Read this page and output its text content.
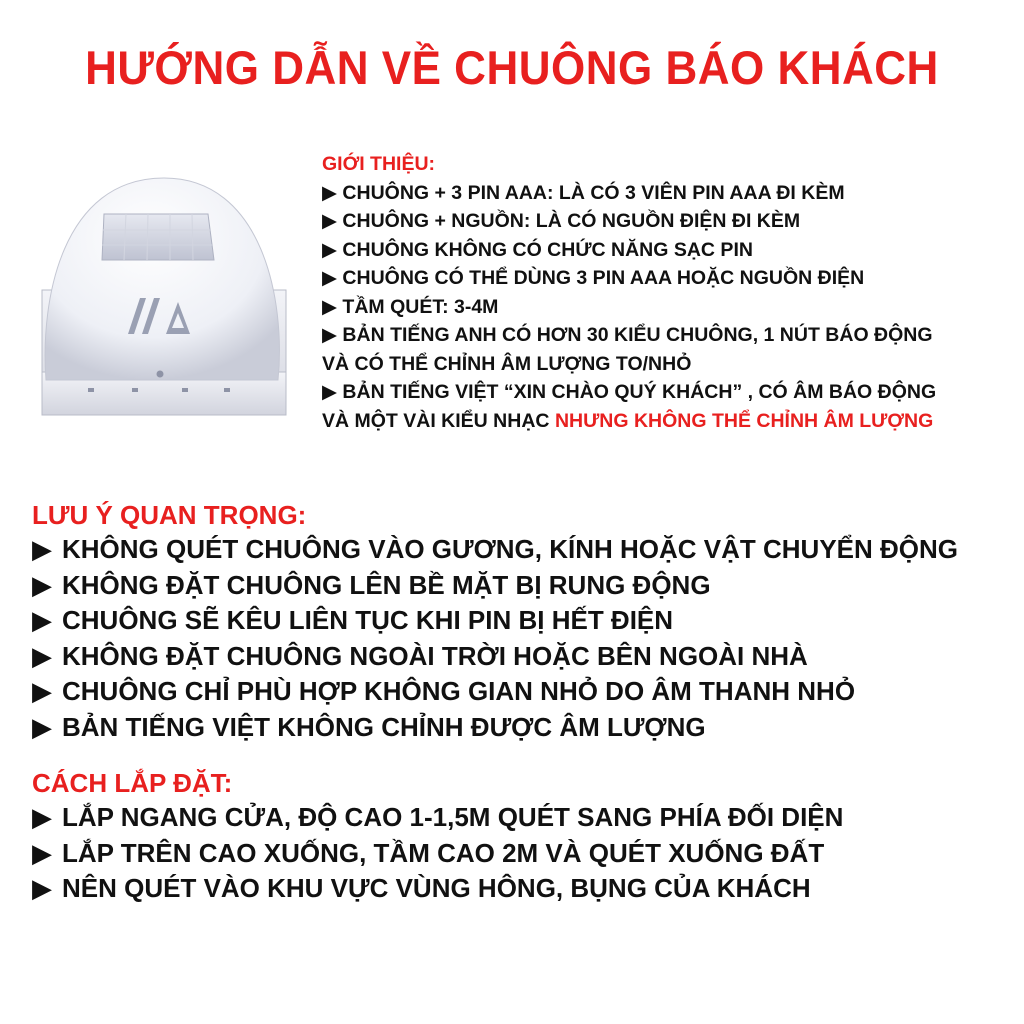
HƯỚNG DẪN VỀ CHUÔNG BÁO KHÁCH
GIỚI THIỆU:
▶ CHUÔNG + 3 PIN AAA: LÀ CÓ 3 VIÊN PIN AAA ĐI KÈM
▶ CHUÔNG + NGUỒN: LÀ CÓ NGUỒN ĐIỆN ĐI KÈM
▶ CHUÔNG KHÔNG CÓ CHỨC NĂNG SẠC PIN
▶ CHUÔNG CÓ THỂ DÙNG 3 PIN AAA HOẶC NGUỒN ĐIỆN
▶ TẦM QUÉT: 3-4M
▶ BẢN TIẾNG ANH CÓ HƠN 30 KIỂU CHUÔNG, 1 NÚT BÁO ĐỘNG
VÀ CÓ THỂ CHỈNH ÂM LƯỢNG TO/NHỎ
▶ BẢN TIẾNG VIỆT “XIN CHÀO QUÝ KHÁCH” , CÓ ÂM BÁO ĐỘNG
VÀ MỘT VÀI KIỂU NHẠC NHƯNG KHÔNG THỂ CHỈNH ÂM LƯỢNG
LƯU Ý QUAN TRỌNG:
▶ KHÔNG QUÉT CHUÔNG VÀO GƯƠNG, KÍNH HOẶC VẬT CHUYỂN ĐỘNG
▶ KHÔNG ĐẶT CHUÔNG LÊN BỀ MẶT BỊ RUNG ĐỘNG
▶ CHUÔNG SẼ KÊU LIÊN TỤC KHI PIN BỊ HẾT ĐIỆN
▶ KHÔNG ĐẶT CHUÔNG NGOÀI TRỜI HOẶC BÊN NGOÀI NHÀ
▶ CHUÔNG CHỈ PHÙ HỢP KHÔNG GIAN NHỎ DO ÂM THANH NHỎ
▶ BẢN TIẾNG VIỆT KHÔNG CHỈNH ĐƯỢC ÂM LƯỢNG
CÁCH LẮP ĐẶT:
▶ LẮP NGANG CỬA, ĐỘ CAO 1-1,5M QUÉT SANG PHÍA ĐỐI DIỆN
▶ LẮP TRÊN CAO XUỐNG, TẦM CAO 2M VÀ QUÉT XUỐNG ĐẤT
▶ NÊN QUÉT VÀO KHU VỰC VÙNG HÔNG, BỤNG CỦA KHÁCH
